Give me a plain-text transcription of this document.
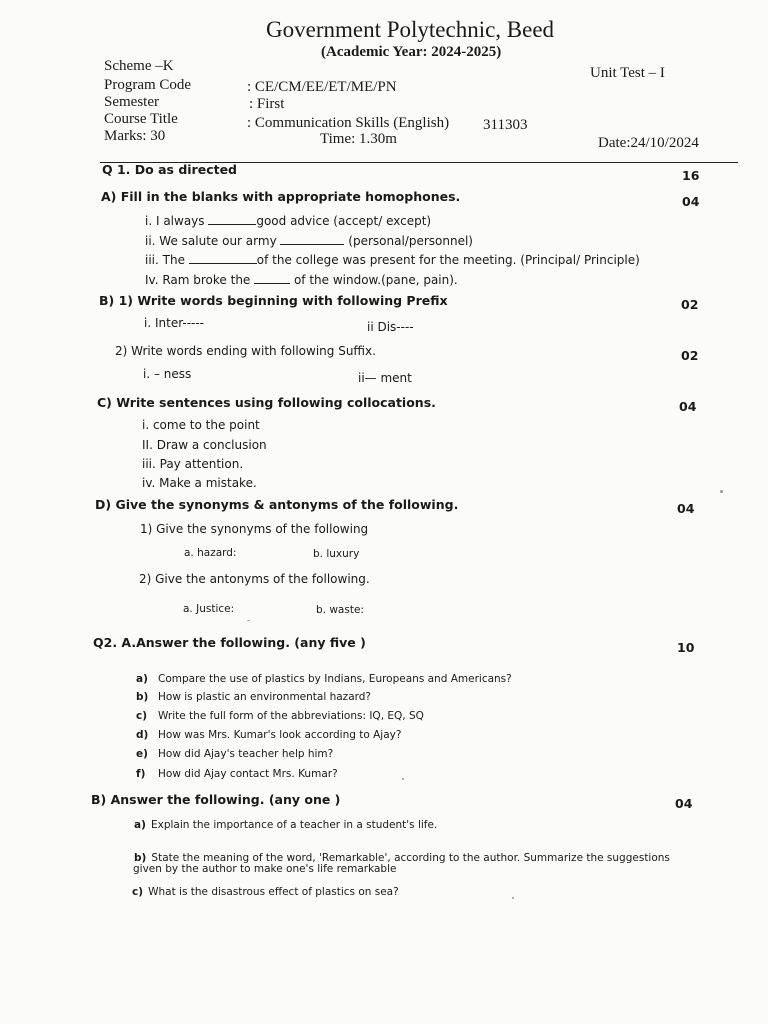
Government Polytechnic, Beed
(Academic Year: 2024-2025)
Scheme –K	Unit Test – I
Program Code	: CE/CM/EE/ET/ME/PN
Semester	: First
Course Title	: Communication Skills (English) 311303
Marks: 30	Time: 1.30m	Date:24/10/2024
Q 1. Do as directed	16
A) Fill in the blanks with appropriate homophones.	04
i. I always	good advice (accept/ except)
ii. We salute our army	(personal/personnel)
iii. The	of the college was present for the meeting. (Principal/ Principle)
Iv. Ram broke the	of the window.(pane, pain).
B) 1) Write words beginning with following Prefix	02
i. Inter-----	ii Dis----
2) Write words ending with following Suffix.	02
i. – ness	ii— ment
C) Write sentences using following collocations.	04
i. come to the point
II. Draw a conclusion
iii. Pay attention.
iv. Make a mistake.
D) Give the synonyms & antonyms of the following.	04
1) Give the synonyms of the following
a. hazard:	b. luxury
2) Give the antonyms of the following.
a. Justice:	b. waste:
Q2. A.Answer the following. (any five )	10
a) Compare the use of plastics by Indians, Europeans and Americans?
b) How is plastic an environmental hazard?
c) Write the full form of the abbreviations: IQ, EQ, SQ
d) How was Mrs. Kumar's look according to Ajay?
e) How did Ajay's teacher help him?
f) How did Ajay contact Mrs. Kumar?
B) Answer the following. (any one )	04
a) Explain the importance of a teacher in a student's life.
b) State the meaning of the word, 'Remarkable', according to the author. Summarize the suggestions
given by the author to make one's life remarkable
c) What is the disastrous effect of plastics on sea?
